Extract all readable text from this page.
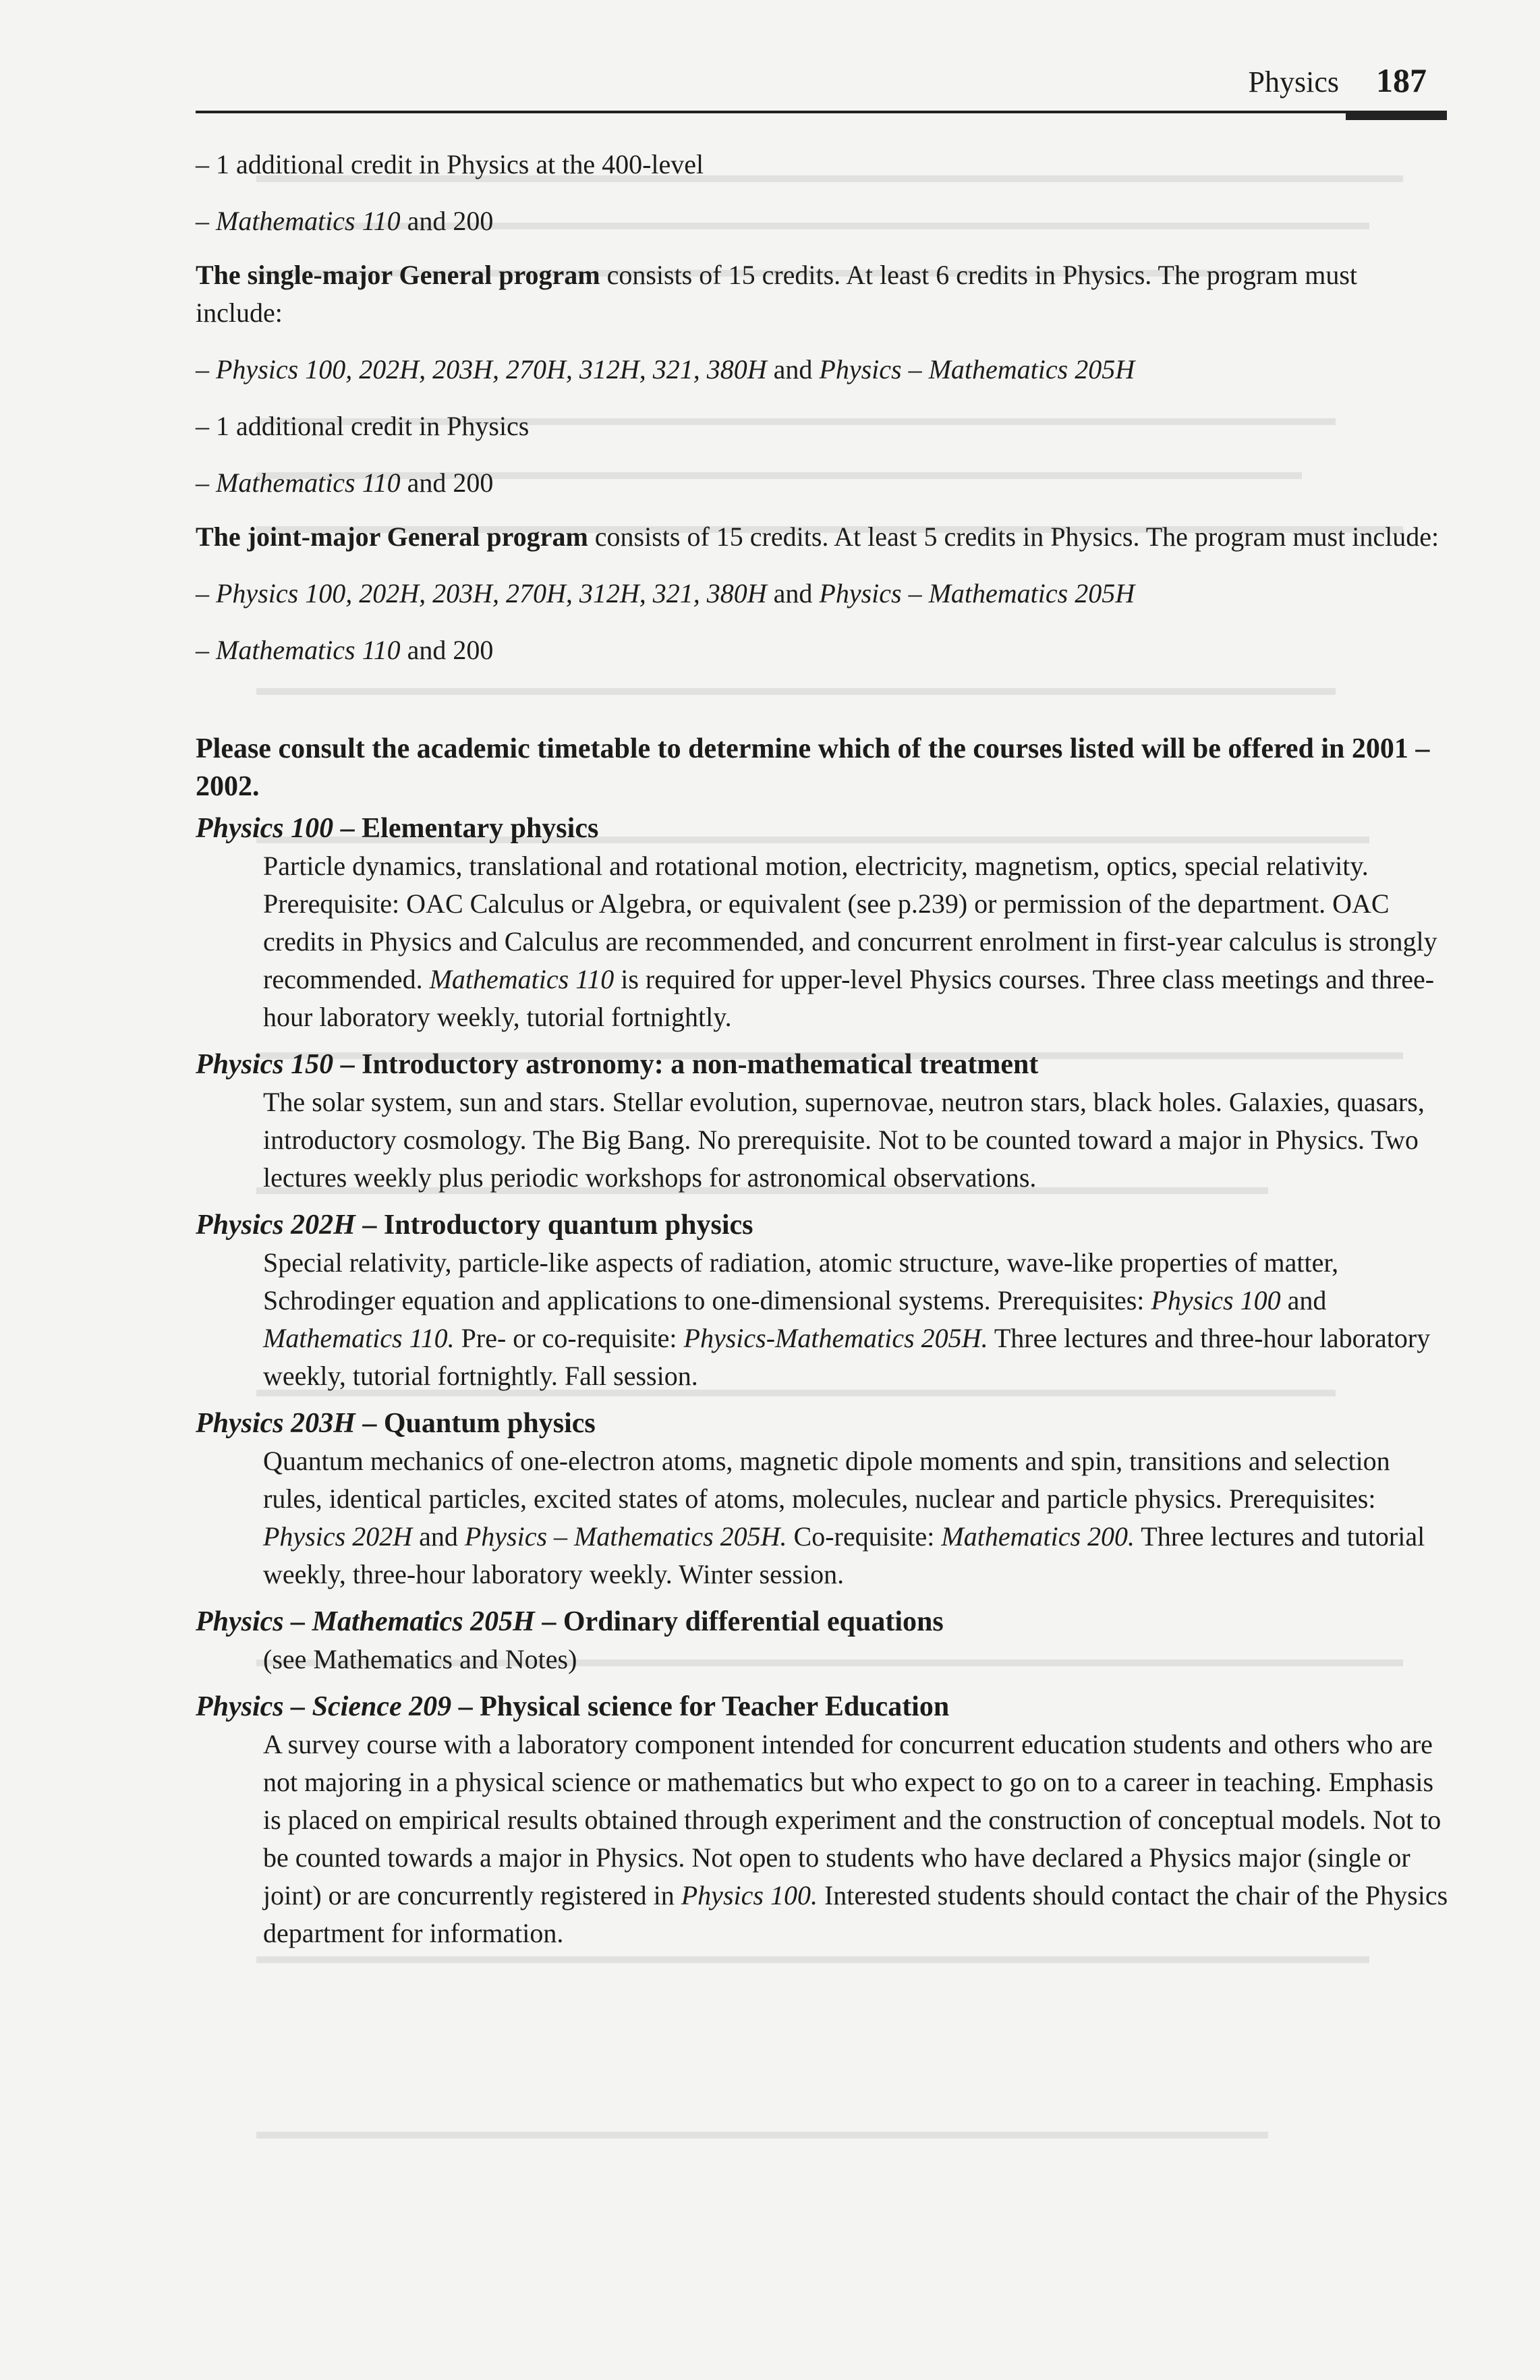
Physics 187
– 1 additional credit in Physics at the 400-level
– Mathematics 110 and 200
The single-major General program consists of 15 credits. At least 6 credits in Physics. The program must include:
– Physics 100, 202H, 203H, 270H, 312H, 321, 380H and Physics – Mathematics 205H
– 1 additional credit in Physics
– Mathematics 110 and 200
The joint-major General program consists of 15 credits. At least 5 credits in Physics. The program must include:
– Physics 100, 202H, 203H, 270H, 312H, 321, 380H and Physics – Mathematics 205H
– Mathematics 110 and 200
Please consult the academic timetable to determine which of the courses listed will be offered in 2001 – 2002.
Physics 100 – Elementary physics
Particle dynamics, translational and rotational motion, electricity, magnetism, optics, special relativity. Prerequisite: OAC Calculus or Algebra, or equivalent (see p.239) or permission of the department. OAC credits in Physics and Calculus are recommended, and concurrent enrolment in first-year calculus is strongly recommended. Mathematics 110 is required for upper-level Physics courses. Three class meetings and three-hour laboratory weekly, tutorial fortnightly.
Physics 150 – Introductory astronomy: a non-mathematical treatment
The solar system, sun and stars. Stellar evolution, supernovae, neutron stars, black holes. Galaxies, quasars, introductory cosmology. The Big Bang. No prerequisite. Not to be counted toward a major in Physics. Two lectures weekly plus periodic workshops for astronomical observations.
Physics 202H – Introductory quantum physics
Special relativity, particle-like aspects of radiation, atomic structure, wave-like properties of matter, Schrodinger equation and applications to one-dimensional systems. Prerequisites: Physics 100 and Mathematics 110. Pre- or co-requisite: Physics-Mathematics 205H. Three lectures and three-hour laboratory weekly, tutorial fortnightly. Fall session.
Physics 203H – Quantum physics
Quantum mechanics of one-electron atoms, magnetic dipole moments and spin, transitions and selection rules, identical particles, excited states of atoms, molecules, nuclear and particle physics. Prerequisites: Physics 202H and Physics – Mathematics 205H. Co-requisite: Mathematics 200. Three lectures and tutorial weekly, three-hour laboratory weekly. Winter session.
Physics – Mathematics 205H – Ordinary differential equations
(see Mathematics and Notes)
Physics – Science 209 – Physical science for Teacher Education
A survey course with a laboratory component intended for concurrent education students and others who are not majoring in a physical science or mathematics but who expect to go on to a career in teaching. Emphasis is placed on empirical results obtained through experiment and the construction of conceptual models. Not to be counted towards a major in Physics. Not open to students who have declared a Physics major (single or joint) or are concurrently registered in Physics 100. Interested students should contact the chair of the Physics department for information.
